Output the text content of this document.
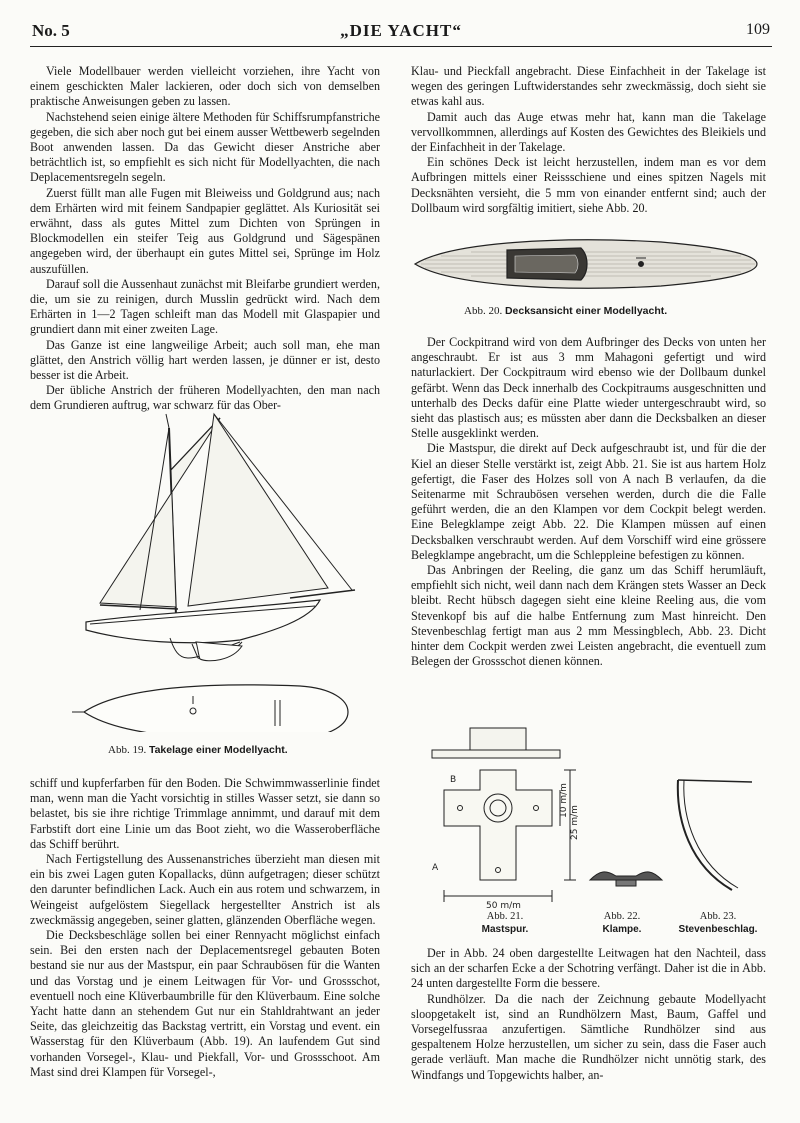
No. 5	„DIE YACHT“	109

Viele Modellbauer werden vielleicht vorziehen, ihre Yacht von einem geschickten Maler lackieren, oder doch sich von demselben praktische Anweisungen geben zu lassen.

Nachstehend seien einige ältere Methoden für Schiffsrumpfanstriche gegeben, die sich aber noch gut bei einem ausser Wettbewerb segelnden Boot anwenden lassen. Da das Gewicht dieser Anstriche aber beträchtlich ist, so empfiehlt es sich nicht für Modellyachten, die nach Deplacementsregeln segeln.

Zuerst füllt man alle Fugen mit Bleiweiss und Goldgrund aus; nach dem Erhärten wird mit feinem Sandpapier geglättet. Als Kuriosität sei erwähnt, dass als gutes Mittel zum Dichten von Sprüngen in Blockmodellen ein steifer Teig aus Goldgrund und Sägespänen angegeben wird, der überhaupt ein gutes Mittel sei, Sprünge im Holz auszufüllen.

Darauf soll die Aussenhaut zunächst mit Bleifarbe grundiert werden, die, um sie zu reinigen, durch Musslin gedrückt wird. Nach dem Erhärten in 1—2 Tagen schleift man das Modell mit Glaspapier und grundiert dann mit einer zweiten Lage.

Das Ganze ist eine langweilige Arbeit; auch soll man, ehe man glättet, den Anstrich völlig hart werden lassen, je dünner er ist, desto besser ist die Arbeit.

Der übliche Anstrich der früheren Modellyachten, den man nach dem Grundieren auftrug, war schwarz für das Ober-

Abb. 19. Takelage einer Modellyacht.

schiff und kupferfarben für den Boden. Die Schwimmwasserlinie findet man, wenn man die Yacht vorsichtig in stilles Wasser setzt, sie dann so belastet, bis sie ihre richtige Trimmlage annimmt, und darauf mit dem Farbstift dort eine Linie um das Boot zieht, wo die Wasseroberfläche das Schiff berührt.

Nach Fertigstellung des Aussenanstriches überzieht man diesen mit ein bis zwei Lagen guten Kopallacks, dünn aufgetragen; dieser schützt den darunter befindlichen Lack. Auch ein aus rotem und schwarzem, in Weingeist aufgelöstem Siegellack hergestellter Anstrich ist als zweckmässig angegeben, seiner glatten, glänzenden Oberfläche wegen.

Die Decksbeschläge sollen bei einer Rennyacht möglichst einfach sein. Bei den ersten nach der Deplacementsregel gebauten Boten bestand sie nur aus der Mastspur, ein paar Schraubösen für die Wanten und das Vorstag und je einem Leitwagen für Vor- und Grossschot, eventuell noch eine Klüverbaumbrille für den Klüverbaum. Eine solche Yacht hatte dann an stehendem Gut nur ein Stahldrahtwant an jeder Seite, das gleichzeitig das Backstag vertritt, ein Vorstag und event. ein Wasserstag für den Klüverbaum (Abb. 19). An laufendem Gut sind vorhanden Vorsegel-, Klau- und Piekfall, Vor- und Grossschoot. Am Mast sind drei Klampen für Vorsegel-,

Klau- und Pieckfall angebracht. Diese Einfachheit in der Takelage ist wegen des geringen Luftwiderstandes sehr zweckmässig, doch sieht sie etwas kahl aus.

Damit auch das Auge etwas mehr hat, kann man die Takelage vervollkommnen, allerdings auf Kosten des Gewichtes des Bleikiels und der Einfachheit in der Takelage.

Ein schönes Deck ist leicht herzustellen, indem man es vor dem Aufbringen mittels einer Reissschiene und eines spitzen Nagels mit Decksnähten versieht, die 5 mm von einander entfernt sind; auch der Dollbaum wird sorgfältig imitiert, siehe Abb. 20.

Abb. 20. Decksansicht einer Modellyacht.

Der Cockpitrand wird von dem Aufbringer des Decks von unten her angeschraubt. Er ist aus 3 mm Mahagoni gefertigt und wird naturlackiert. Der Cockpitraum wird ebenso wie der Dollbaum dunkel gefärbt. Wenn das Deck innerhalb des Cockpitraums ausgeschnitten und unterhalb des Decks dafür eine Platte wieder untergeschraubt wird, so sieht das plastisch aus; es müssten aber dann die Decksbalken an dieser Stelle ausgeklinkt werden.

Die Mastspur, die direkt auf Deck aufgeschraubt ist, und für die der Kiel an dieser Stelle verstärkt ist, zeigt Abb. 21. Sie ist aus hartem Holz gefertigt, die Faser des Holzes soll von A nach B verlaufen, da die Seitenarme mit Schraubösen versehen werden, durch die die Falle geführt werden, die an den Klampen vor dem Cockpit belegt werden. Eine Belegklampe zeigt Abb. 22. Die Klampen müssen auf einen Decksbalken verschraubt werden. Auf dem Vorschiff wird eine grössere Belegklampe angebracht, um die Schleppleine befestigen zu können.

Das Anbringen der Reeling, die ganz um das Schiff herumläuft, empfiehlt sich nicht, weil dann nach dem Krängen stets Wasser an Deck bleibt. Recht hübsch dagegen sieht eine kleine Reeling aus, die vom Stevenkopf bis auf die halbe Entfernung zum Mast hinreicht. Den Stevenbeschlag fertigt man aus 2 mm Messingblech, Abb. 23. Dicht hinter dem Cockpit werden zwei Leisten angebracht, die eventuell zum Belegen der Grossschot dienen können.

50 m/m
25 m/m
10 m/m
A
B
Abb. 21.
Mastspur.
Abb. 22.
Klampe.
Abb. 23.
Stevenbeschlag.

Der in Abb. 24 oben dargestellte Leitwagen hat den Nachteil, dass sich an der scharfen Ecke a der Schotring verfängt. Daher ist die in Abb. 24 unten dargestellte Form die bessere.

Rundhölzer. Da die nach der Zeichnung gebaute Modellyacht sloopgetakelt ist, sind an Rundhölzern Mast, Baum, Gaffel und Vorsegelfussraa anzufertigen. Sämtliche Rundhölzer sind aus gespaltenem Holze herzustellen, um sicher zu sein, dass die Faser auch gerade verläuft. Man mache die Rundhölzer nicht unnötig stark, des Windfangs und Topgewichts halber, an-
